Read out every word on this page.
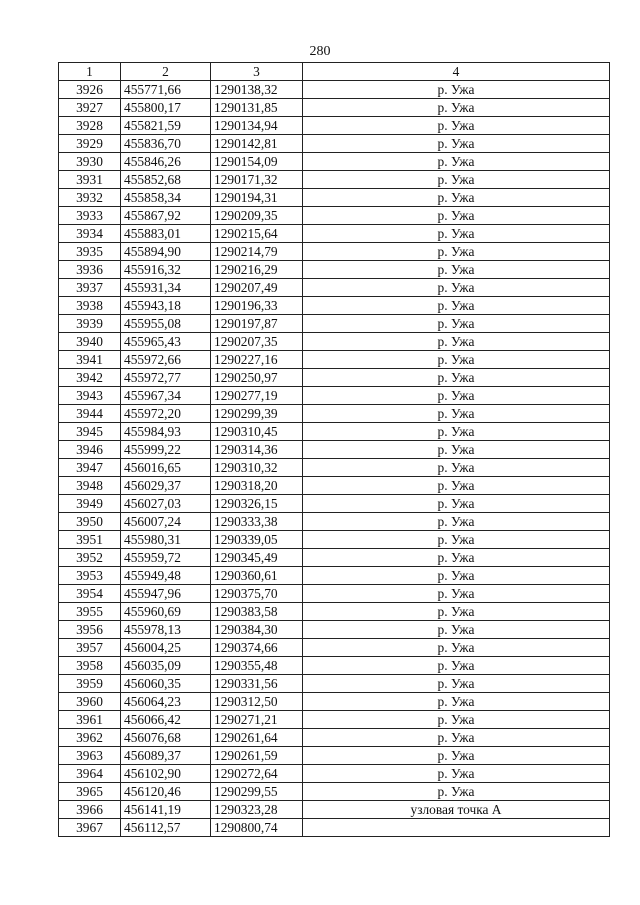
280
1	2	3	4
3926	455771,66	1290138,32	р. Ужа
3927	455800,17	1290131,85	р. Ужа
3928	455821,59	1290134,94	р. Ужа
3929	455836,70	1290142,81	р. Ужа
3930	455846,26	1290154,09	р. Ужа
3931	455852,68	1290171,32	р. Ужа
3932	455858,34	1290194,31	р. Ужа
3933	455867,92	1290209,35	р. Ужа
3934	455883,01	1290215,64	р. Ужа
3935	455894,90	1290214,79	р. Ужа
3936	455916,32	1290216,29	р. Ужа
3937	455931,34	1290207,49	р. Ужа
3938	455943,18	1290196,33	р. Ужа
3939	455955,08	1290197,87	р. Ужа
3940	455965,43	1290207,35	р. Ужа
3941	455972,66	1290227,16	р. Ужа
3942	455972,77	1290250,97	р. Ужа
3943	455967,34	1290277,19	р. Ужа
3944	455972,20	1290299,39	р. Ужа
3945	455984,93	1290310,45	р. Ужа
3946	455999,22	1290314,36	р. Ужа
3947	456016,65	1290310,32	р. Ужа
3948	456029,37	1290318,20	р. Ужа
3949	456027,03	1290326,15	р. Ужа
3950	456007,24	1290333,38	р. Ужа
3951	455980,31	1290339,05	р. Ужа
3952	455959,72	1290345,49	р. Ужа
3953	455949,48	1290360,61	р. Ужа
3954	455947,96	1290375,70	р. Ужа
3955	455960,69	1290383,58	р. Ужа
3956	455978,13	1290384,30	р. Ужа
3957	456004,25	1290374,66	р. Ужа
3958	456035,09	1290355,48	р. Ужа
3959	456060,35	1290331,56	р. Ужа
3960	456064,23	1290312,50	р. Ужа
3961	456066,42	1290271,21	р. Ужа
3962	456076,68	1290261,64	р. Ужа
3963	456089,37	1290261,59	р. Ужа
3964	456102,90	1290272,64	р. Ужа
3965	456120,46	1290299,55	р. Ужа
3966	456141,19	1290323,28	узловая точка А
3967	456112,57	1290800,74	
